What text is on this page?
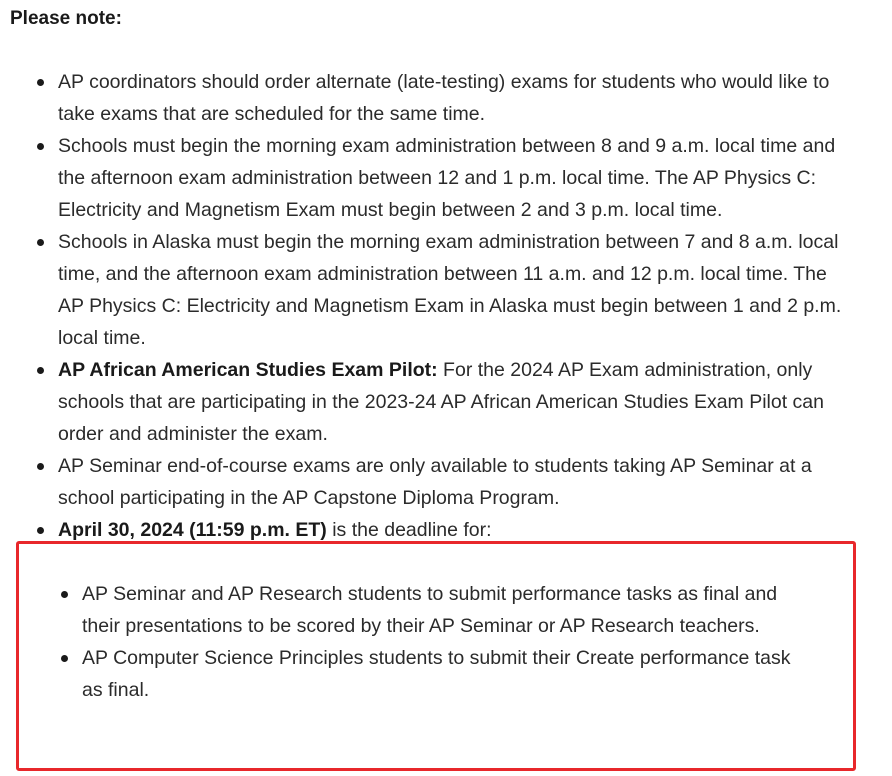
Please note:

AP coordinators should order alternate (late-testing) exams for students who would like to take exams that are scheduled for the same time.
Schools must begin the morning exam administration between 8 and 9 a.m. local time and the afternoon exam administration between 12 and 1 p.m. local time. The AP Physics C: Electricity and Magnetism Exam must begin between 2 and 3 p.m. local time.
Schools in Alaska must begin the morning exam administration between 7 and 8 a.m. local time, and the afternoon exam administration between 11 a.m. and 12 p.m. local time. The AP Physics C: Electricity and Magnetism Exam in Alaska must begin between 1 and 2 p.m. local time.
AP African American Studies Exam Pilot: For the 2024 AP Exam administration, only schools that are participating in the 2023-24 AP African American Studies Exam Pilot can order and administer the exam.
AP Seminar end-of-course exams are only available to students taking AP Seminar at a school participating in the AP Capstone Diploma Program.
April 30, 2024 (11:59 p.m. ET) is the deadline for:
AP Seminar and AP Research students to submit performance tasks as final and their presentations to be scored by their AP Seminar or AP Research teachers.
AP Computer Science Principles students to submit their Create performance task as final.
